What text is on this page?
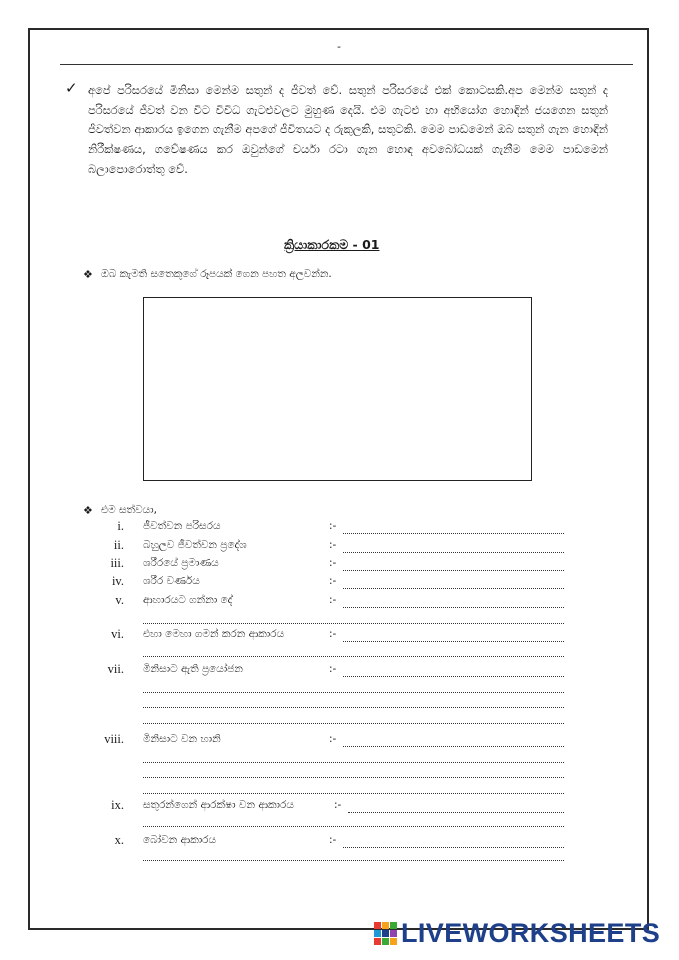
-
✓ අපේ පරිසරයේ මිනිසා මෙන්ම සතුන් ද ජීවත් වේ. සතුන් පරිසරයේ එක් කොටසකි.අප මෙන්ම සතුන් ද පරිසරයේ ජීවත් වන විට විවිධ ගැටළුවලට මුහුණ දෙයි. එම ගැටළු හා අභියෝග හොඳින් ජයගෙන සතුන් ජීවත්වන ආකාරය ඉගෙන ගැනීම අපගේ ජීවිතයට ද රුකුලකි, සතුටකි. මෙම පාඩමෙන් ඔබ සතුන් ගැන හොඳින් නිරීක්ෂණය, ගවේෂණය කර ඔවුන්ගේ චර්යා රටා ගැන හොඳ අවබෝධයක් ගැනීම මෙම පාඩමෙන් බලාපොරොත්තු වේ.
ක්‍රියාකාරකම - 01
❖ ඔබ කැමති සතෙකුගේ රූපයක් ගෙන පහත අලවන්න.
❖ එම සත්වයා,
i. ජීවත්වන පරිසරය	:-
ii. බහුලව ජීවත්වන ප්‍රදේශ	:-
iii. ශරීරයේ ප්‍රමාණය	:-
iv. ශරීර වර්ණය	:-
v. ආහාරයට ගන්නා දේ	:-
vi. එහා මෙහා ගමන් කරන ආකාරය	:-
vii. මිනිසාට ඇති ප්‍රයෝජන	:-
viii. මිනිසාට වන හානි	:-
ix. සතුරන්ගෙන් ආරක්ෂා වන ආකාරය	:-
x. බෝවන ආකාරය	:-
LIVEWORKSHEETS
